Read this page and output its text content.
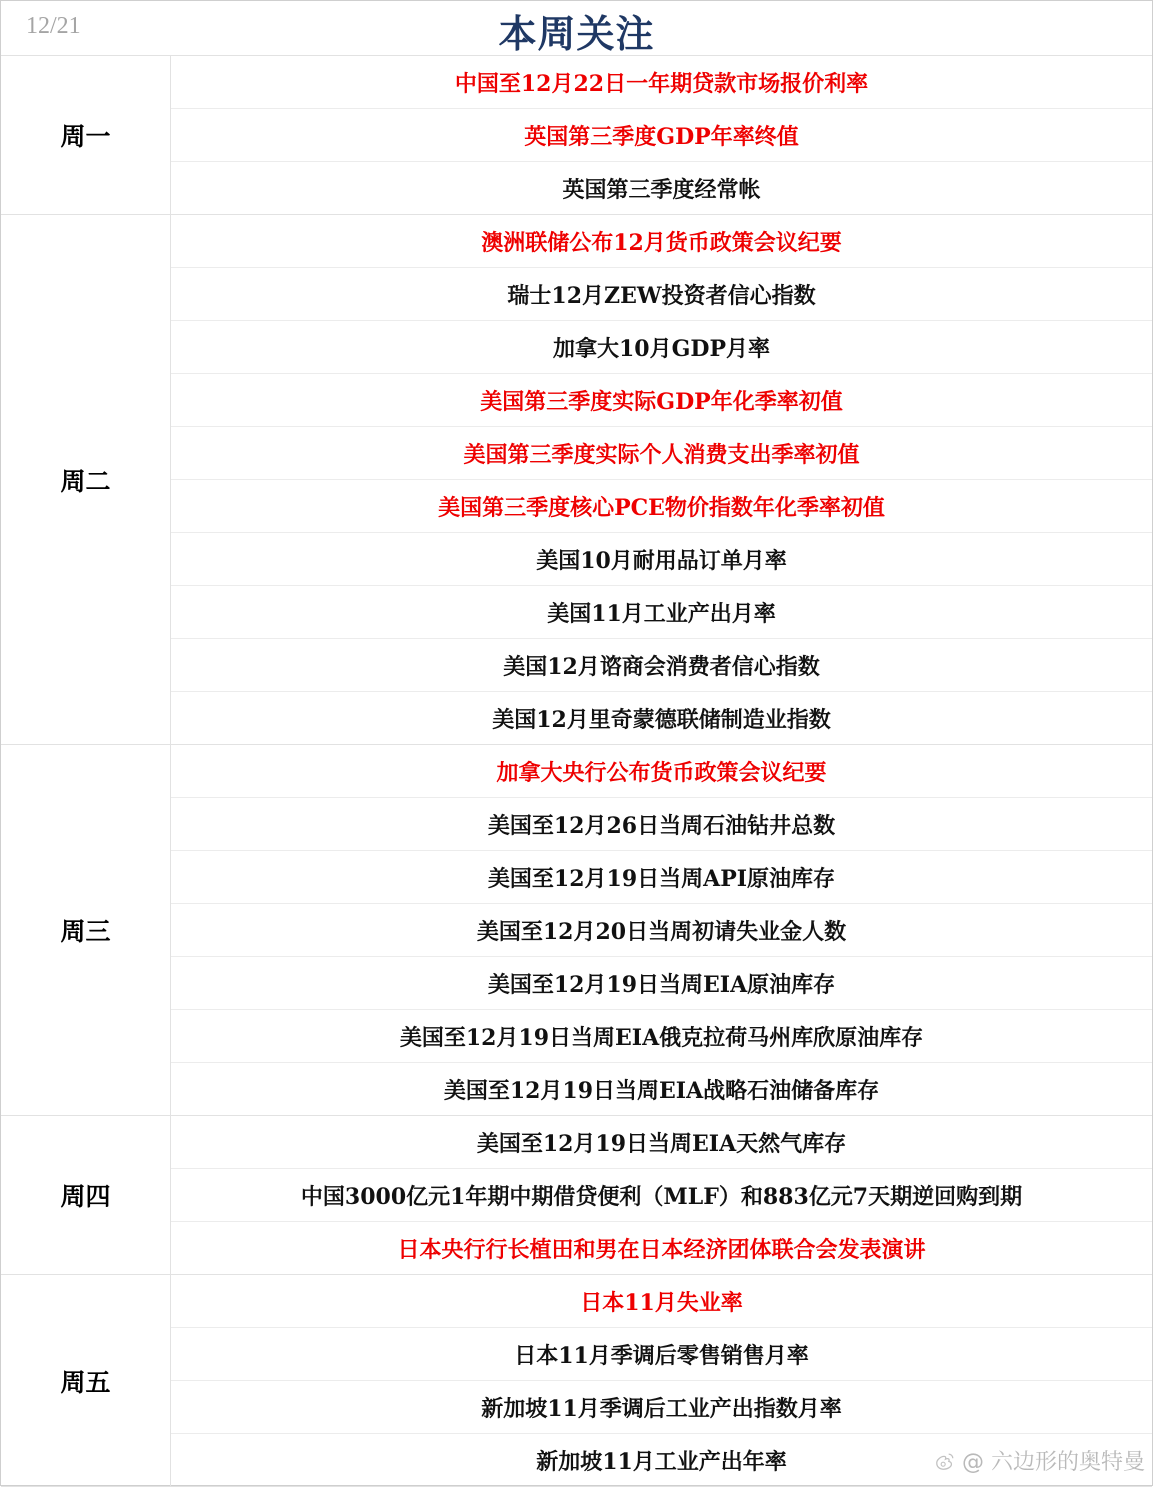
12/21	本周关注
周一
中国至12月22日一年期贷款市场报价利率
英国第三季度GDP年率终值
英国第三季度经常帐
周二
澳洲联储公布12月货币政策会议纪要
瑞士12月ZEW投资者信心指数
加拿大10月GDP月率
美国第三季度实际GDP年化季率初值
美国第三季度实际个人消费支出季率初值
美国第三季度核心PCE物价指数年化季率初值
美国10月耐用品订单月率
美国11月工业产出月率
美国12月谘商会消费者信心指数
美国12月里奇蒙德联储制造业指数
周三
加拿大央行公布货币政策会议纪要
美国至12月26日当周石油钻井总数
美国至12月19日当周API原油库存
美国至12月20日当周初请失业金人数
美国至12月19日当周EIA原油库存
美国至12月19日当周EIA俄克拉荷马州库欣原油库存
美国至12月19日当周EIA战略石油储备库存
周四
美国至12月19日当周EIA天然气库存
中国3000亿元1年期中期借贷便利（MLF）和883亿元7天期逆回购到期
日本央行行长植田和男在日本经济团体联合会发表演讲
周五
日本11月失业率
日本11月季调后零售销售月率
新加坡11月季调后工业产出指数月率
新加坡11月工业产出年率	@ 六边形的奥特曼
